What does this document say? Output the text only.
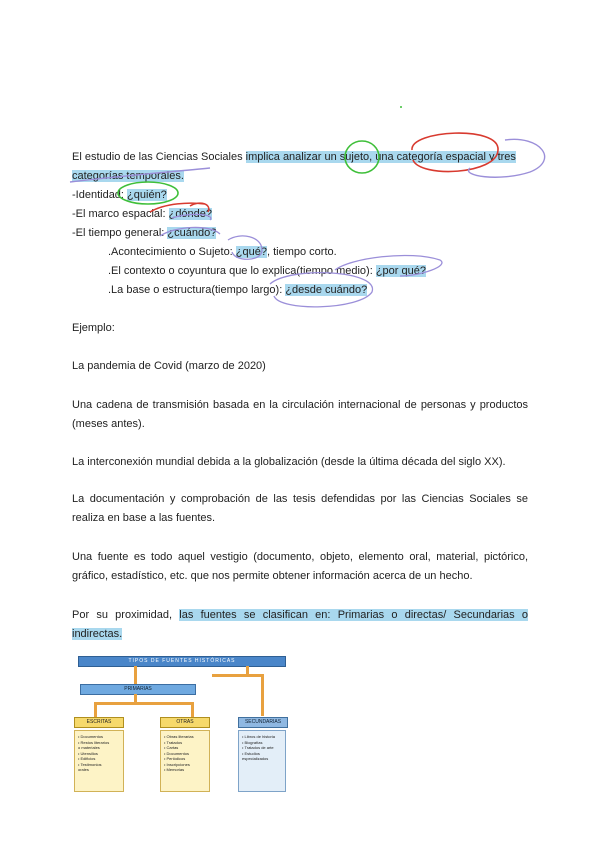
El estudio de las Ciencias Sociales implica analizar un sujeto, una categoría espacial y tres
categorías temporales.
-Identidad: ¿quién?
-El marco espacial: ¿dónde?
-El tiempo general: ¿cuándo?
.Acontecimiento o Sujeto: ¿qué?, tiempo corto.
.El contexto o coyuntura que lo explica(tiempo medio): ¿por qué?
.La base o estructura(tiempo largo): ¿desde cuándo?
Ejemplo:
La pandemia de Covid (marzo de 2020)
Una cadena de transmisión basada en la circulación internacional de personas y productos (meses antes).
La interconexión mundial debida a la globalización (desde la última década del siglo XX).
La documentación y comprobación de las tesis defendidas por las Ciencias Sociales se realiza en base a las fuentes.
Una fuente es todo aquel vestigio (documento, objeto, elemento oral, material, pictórico, gráfico, estadístico, etc. que nos permite obtener información acerca de un hecho.
Por su proximidad, las fuentes se clasifican en: Primarias o directas/ Secundarias o indirectas.
TIPOS DE FUENTES HISTÓRICAS
PRIMARIAS
ESCRITAS	OTRAS	SECUNDARIAS
• Documentos
• Restos literarios
o materiales
• Utensilios
• Edificios
• Testimonios
orales
• Obras literarias
• Tratados
• Cartas
• Documentos
• Periódicos
• Inscripciones
• Memorias
• Libros de historia
• Biografías
• Tratados de arte
• Estudios
especializados
